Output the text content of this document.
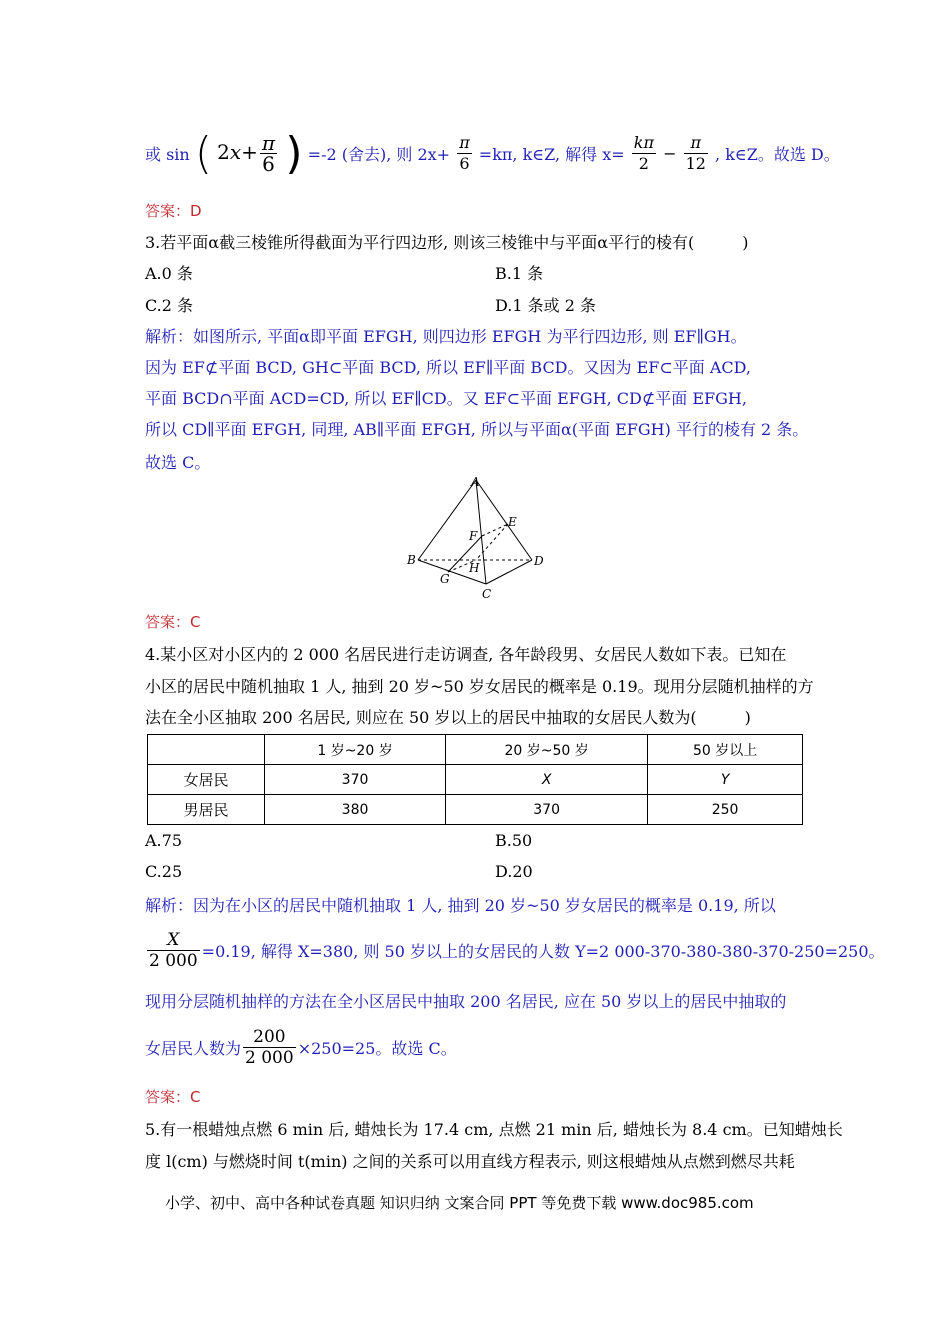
或 sin ( $2x+ \frac{\pi}{6}$ ) =-2 (舍去), 则 $2x+ \frac{\pi}{6} =k\pi$, k∈Z, 解得 $x= \frac{k\pi}{2} - \frac{\pi}{12}$ , k∈Z。故选 D。
答案：D
3.若平面α截三棱锥所得截面为平行四边形, 则该三棱锥中与平面α平行的棱有(　　　)
A.0 条	B.1 条
C.2 条	D.1 条或 2 条
解析：如图所示, 平面α即平面 EFGH, 则四边形 EFGH 为平行四边形, 则 EF∥GH。
因为 EF⊄平面 BCD, GH⊂平面 BCD, 所以 EF∥平面 BCD。又因为 EF⊂平面 ACD,
平面 BCD∩平面 ACD=CD, 所以 EF∥CD。又 EF⊂平面 EFGH, CD⊄平面 EFGH,
所以 CD∥平面 EFGH, 同理, AB∥平面 EFGH, 所以与平面α(平面 EFGH) 平行的棱有 2 条。
故选 C。
A
B
C
D
E
F
G
H
答案：C
4.某小区对小区内的 2 000 名居民进行走访调查, 各年龄段男、女居民人数如下表。已知在
小区的居民中随机抽取 1 人, 抽到 20 岁~50 岁女居民的概率是 0.19。现用分层随机抽样的方
法在全小区抽取 200 名居民, 则应在 50 岁以上的居民中抽取的女居民人数为(　　　)
	1 岁~20 岁	20 岁~50 岁	50 岁以上
女居民	370	X	Y
男居民	380	370	250
A.75	B.50
C.25	D.20
解析：因为在小区的居民中随机抽取 1 人, 抽到 20 岁~50 岁女居民的概率是 0.19, 所以
$\frac{X}{2 000} =0.19$, 解得 X=380, 则 50 岁以上的女居民的人数 Y=2 000-370-380-380-370-250=250。
现用分层随机抽样的方法在全小区居民中抽取 200 名居民, 应在 50 岁以上的居民中抽取的
女居民人数为 $\frac{200}{2 000} \times 250=25$。故选 C。
答案：C
5.有一根蜡烛点燃 6 min 后, 蜡烛长为 17.4 cm, 点燃 21 min 后, 蜡烛长为 8.4 cm。已知蜡烛长
度 l(cm) 与燃烧时间 t(min) 之间的关系可以用直线方程表示, 则这根蜡烛从点燃到燃尽共耗
小学、初中、高中各种试卷真题 知识归纳 文案合同 PPT 等免费下载 www.doc985.com
